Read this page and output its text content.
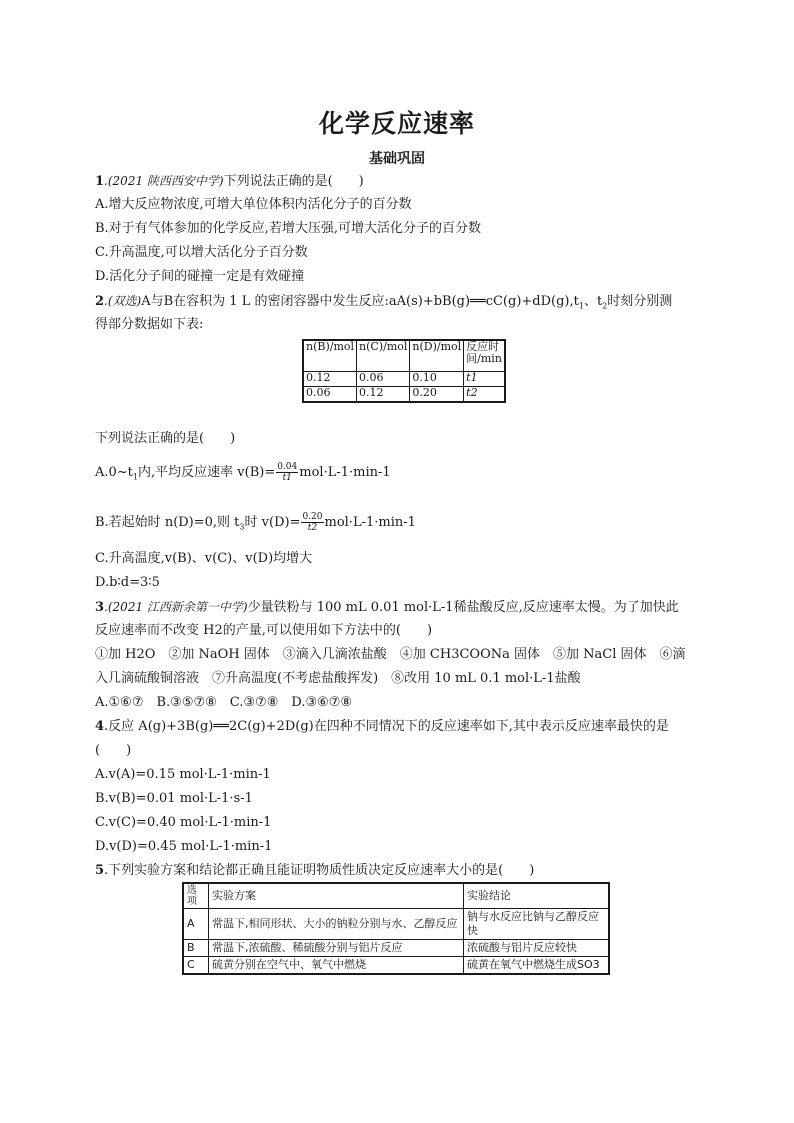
化学反应速率
基础巩固
1.(2021 陕西西安中学)下列说法正确的是(　　)
A.增大反应物浓度,可增大单位体积内活化分子的百分数
B.对于有气体参加的化学反应,若增大压强,可增大活化分子的百分数
C.升高温度,可以增大活化分子百分数
D.活化分子间的碰撞一定是有效碰撞
2.(双选)A与B在容积为 1 L 的密闭容器中发生反应$:aA(s)+bB(g)══cC(g)+dD(g),t_1$、$t_2$时刻分别测
得部分数据如下表:
n(B)/mol	n(C)/mol	n(D)/mol	反应时间/min
0.12	0.06	0.10	t1
0.06	0.12	0.20	t2
下列说法正确的是(　　)
$A.0\sim t_1$内,平均反应速率 $v(B)= \frac{0.04}{t1} mol\cdot L-1\cdot\min-1$
B.若起始时 n(D)=0,则 $t_3$时 $v(D)= \frac{0.20}{t2} mol\cdot L-1\cdot\min-1$
C.升高温度,v(B)、v(C)、v(D)均增大
D.b∶d=3∶5
3.(2021 江西新余第一中学)少量铁粉与 100 mL 0.01 mol·L-1稀盐酸反应,反应速率太慢。为了加快此
反应速率而不改变 H2的产量,可以使用如下方法中的(　　)
①加 H2O　②加 NaOH 固体　③滴入几滴浓盐酸　④加 CH3COONa 固体　⑤加 NaCl 固体　⑥滴
入几滴硫酸铜溶液　⑦升高温度(不考虑盐酸挥发)　⑧改用 10 mL 0.1 mol·L-1盐酸
A.①⑥⑦　B.③⑤⑦⑧　C.③⑦⑧　D.③⑥⑦⑧
4.反应 A(g)+3B(g)══2C(g)+2D(g)在四种不同情况下的反应速率如下,其中表示反应速率最快的是
(　　)
A.v(A)=0.15 mol·L-1·min-1
B.v(B)=0.01 mol·L-1·s-1
C.v(C)=0.40 mol·L-1·min-1
D.v(D)=0.45 mol·L-1·min-1
5.下列实验方案和结论都正确且能证明物质性质决定反应速率大小的是(　　)
选项	实验方案	实验结论
A	常温下,相同形状、大小的钠粒分别与水、乙醇反应	钠与水反应比钠与乙醇反应快
B	常温下,浓硫酸、稀硫酸分别与铝片反应	浓硫酸与铝片反应较快
C	硫黄分别在空气中、氧气中燃烧	硫黄在氧气中燃烧生成SO3
